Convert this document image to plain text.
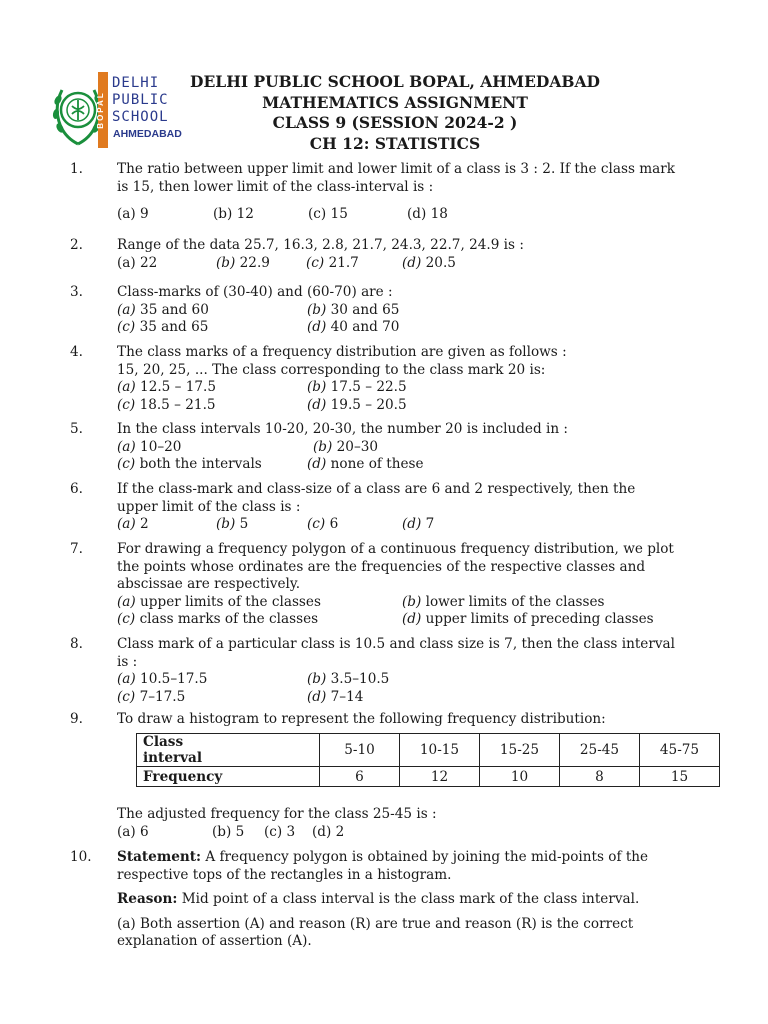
BOPAL
DELHI
PUBLIC
SCHOOL
AHMEDABAD
DELHI PUBLIC SCHOOL BOPAL, AHMEDABAD
MATHEMATICS ASSIGNMENT
CLASS 9 (SESSION 2024-2 )
CH 12: STATISTICS
1.	The ratio between upper limit and lower limit of a class is 3 : 2. If the class mark
is 15, then lower limit of the class-interval is :
(a) 9	(b) 12	(c) 15	(d) 18
2.	Range of the data 25.7, 16.3, 2.8, 21.7, 24.3, 22.7, 24.9 is :
(a) 22	(b) 22.9	(c) 21.7	(d) 20.5
3.	Class-marks of (30-40) and (60-70) are :
(a) 35 and 60	(b) 30 and 65
(c) 35 and 65	(d) 40 and 70
4.	The class marks of a frequency distribution are given as follows :
15, 20, 25, ... The class corresponding to the class mark 20 is:
(a) 12.5 – 17.5	(b) 17.5 – 22.5
(c) 18.5 – 21.5	(d) 19.5 – 20.5
5.	In the class intervals 10-20, 20-30, the number 20 is included in :
(a) 10–20	(b) 20–30
(c) both the intervals	(d) none of these
6.	If the class-mark and class-size of a class are 6 and 2 respectively, then the
upper limit of the class is :
(a) 2	(b) 5	(c) 6	(d) 7
7.	For drawing a frequency polygon of a continuous frequency distribution, we plot
the points whose ordinates are the frequencies of the respective classes and
abscissae are respectively.
(a) upper limits of the classes	(b) lower limits of the classes
(c) class marks of the classes	(d) upper limits of preceding classes
8.	Class mark of a particular class is 10.5 and class size is 7, then the class interval
is :
(a) 10.5–17.5	(b) 3.5–10.5
(c) 7–17.5	(d) 7–14
9.	To draw a histogram to represent the following frequency distribution:
Class
interval	5-10	10-15	15-25	25-45	45-75
Frequency	6	12	10	8	15
The adjusted frequency for the class 25-45 is :
(a) 6	(b) 5 (c) 3 (d) 2
10. Statement: A frequency polygon is obtained by joining the mid-points of the
respective tops of the rectangles in a histogram.
Reason: Mid point of a class interval is the class mark of the class interval.
(a) Both assertion (A) and reason (R) are true and reason (R) is the correct
explanation of assertion (A).
